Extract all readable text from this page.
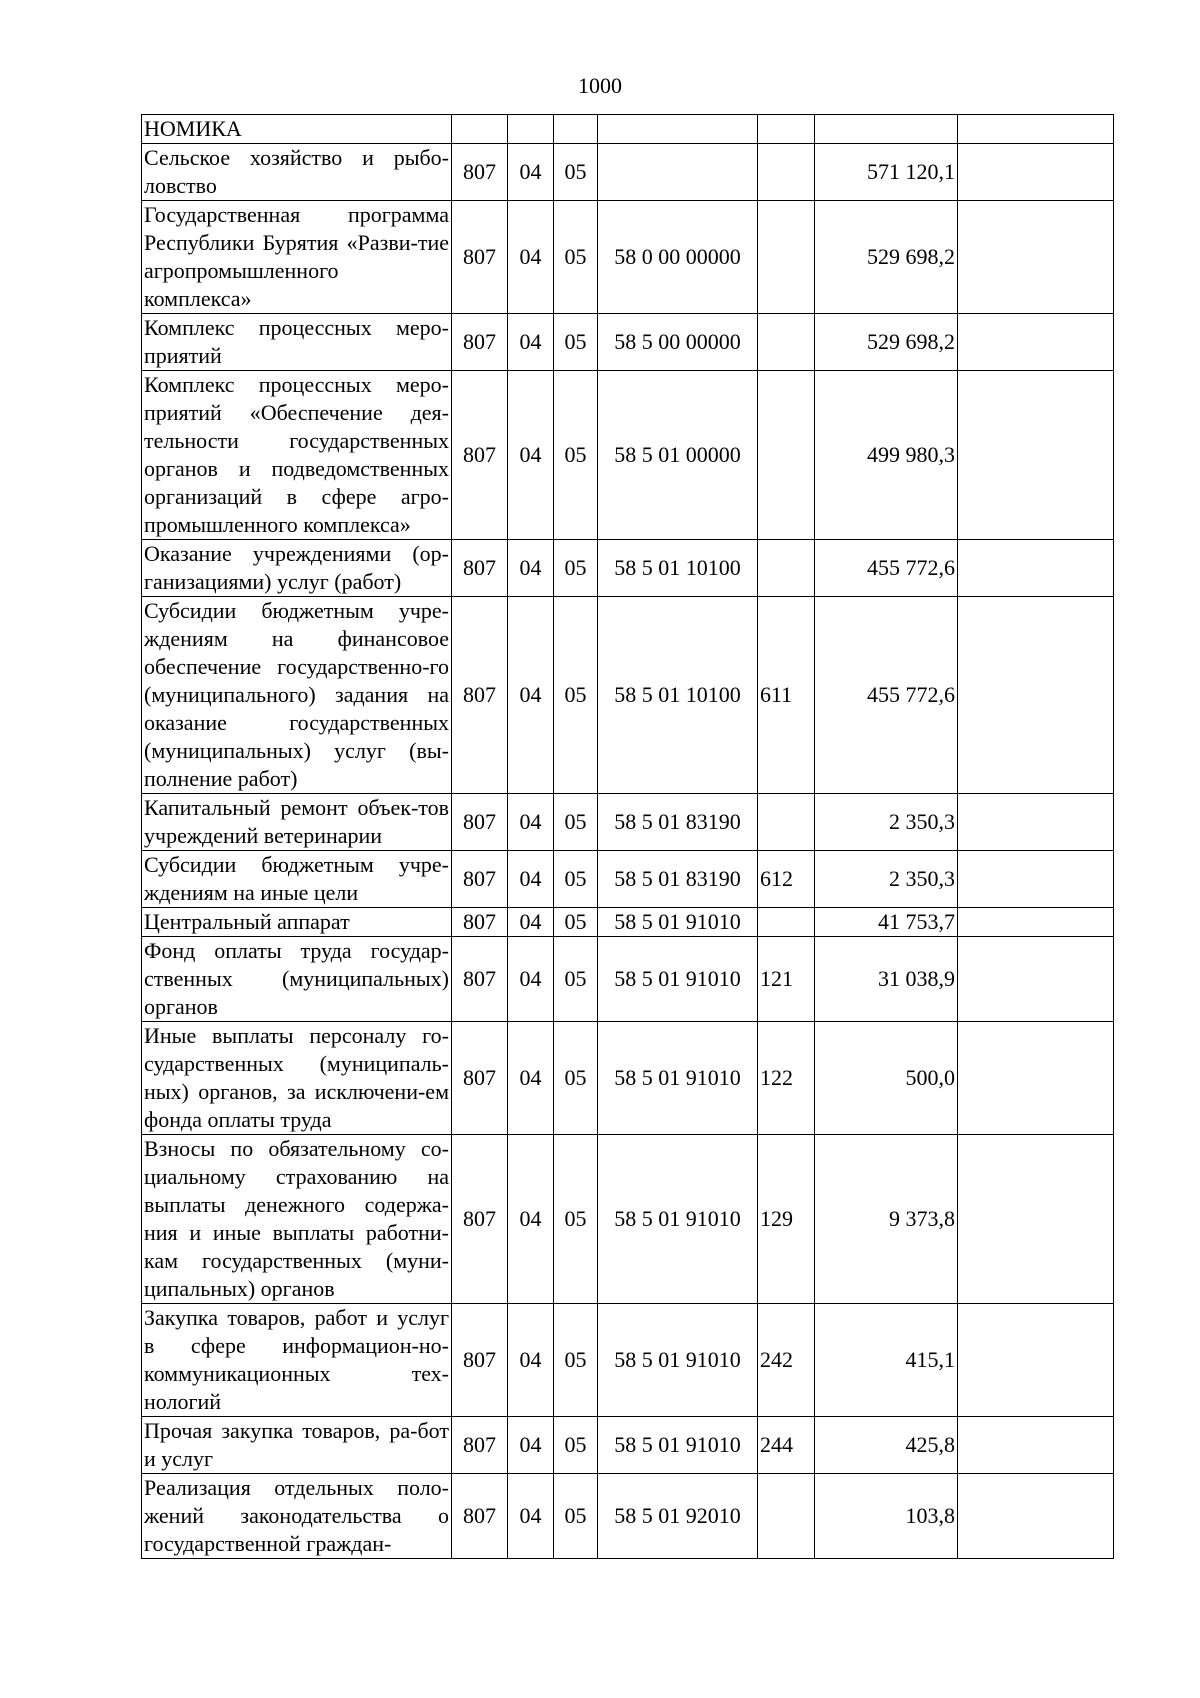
1000
НОМИКА							
Сельское хозяйство и рыбо-ловство	807	04	05			571 120,1	
Государственная программа Республики Бурятия «Разви-тие агропромышленного комплекса»	807	04	05	58 0 00 00000		529 698,2	
Комплекс процессных меро-приятий	807	04	05	58 5 00 00000		529 698,2	
Комплекс процессных меро-приятий «Обеспечение дея-тельности государственных органов и подведомственных организаций в сфере агро-промышленного комплекса»	807	04	05	58 5 01 00000		499 980,3	
Оказание учреждениями (ор-ганизациями) услуг (работ)	807	04	05	58 5 01 10100		455 772,6	
Субсидии бюджетным учре-ждениям на финансовое обеспечение государственно-го (муниципального) задания на оказание государственных (муниципальных) услуг (вы-полнение работ)	807	04	05	58 5 01 10100	611	455 772,6	
Капитальный ремонт объек-тов учреждений ветеринарии	807	04	05	58 5 01 83190		2 350,3	
Субсидии бюджетным учре-ждениям на иные цели	807	04	05	58 5 01 83190	612	2 350,3	
Центральный аппарат	807	04	05	58 5 01 91010		41 753,7	
Фонд оплаты труда государ-ственных (муниципальных) органов	807	04	05	58 5 01 91010	121	31 038,9	
Иные выплаты персоналу го-сударственных (муниципаль-ных) органов, за исключени-ем фонда оплаты труда	807	04	05	58 5 01 91010	122	500,0	
Взносы по обязательному со-циальному страхованию на выплаты денежного содержа-ния и иные выплаты работни-кам государственных (муни-ципальных) органов	807	04	05	58 5 01 91010	129	9 373,8	
Закупка товаров, работ и услуг в сфере информацион-но-коммуникационных тех-нологий	807	04	05	58 5 01 91010	242	415,1	
Прочая закупка товаров, ра-бот и услуг	807	04	05	58 5 01 91010	244	425,8	
Реализация отдельных поло-жений законодательства о государственной граждан-	807	04	05	58 5 01 92010		103,8	
